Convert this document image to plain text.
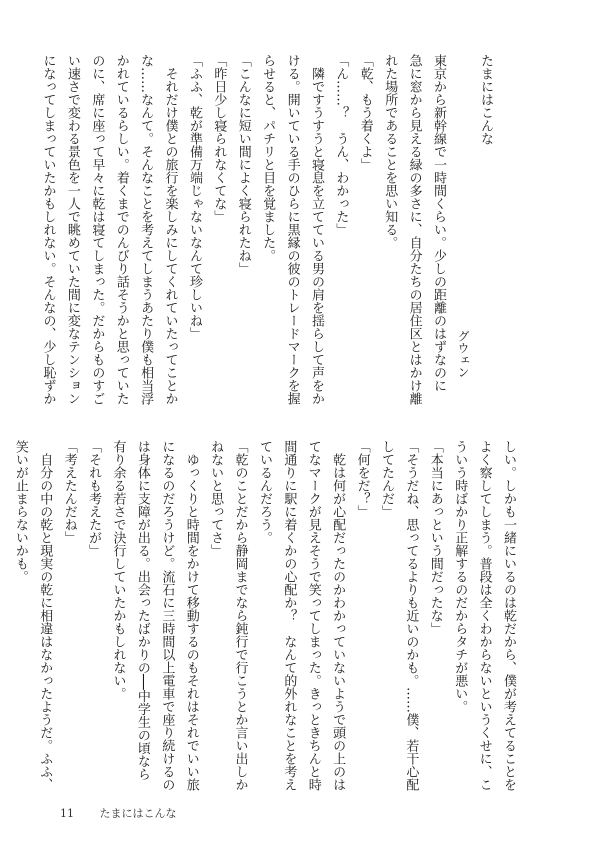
たまにはこんな
グウェン
東京から新幹線で一時間くらい。少しの距離のはずなのに
急に窓から見える緑の多さに、自分たちの居住区とはかけ離
れた場所であることを思い知る。
「乾、もう着くよ」
「ん……？　うん、わかった」
　隣ですうすうと寝息を立てている男の肩を揺らして声をか
ける。開いている手のひらに黒縁の彼のトレードマークを握
らせると、パチリと目を覚ました。
「こんなに短い間によく寝られたね」
「昨日少し寝られなくてな」
「ふふ、乾が準備万端じゃないなんて珍しいね」
　それだけ僕との旅行を楽しみにしてくれていたってことか
な……なんて。そんなことを考えてしまうあたり僕も相当浮
かれているらしい。着くまでのんびり話そうかと思っていた
のに、席に座って早々に乾は寝てしまった。だからものすご
い速さで変わる景色を一人で眺めていた間に変なテンション
になってしまっていたかもしれない。そんなの、少し恥ずか
しい。しかも一緒にいるのは乾だから、僕が考えてることを
よく察してしまう。普段は全くわからないというくせに、こ
ういう時ばかり正解するのだからタチが悪い。
「本当にあっという間だったな」
「そうだね、思ってるよりも近いのかも。……僕、若干心配
してたんだ」
「何をだ？」
　乾は何が心配だったのかわかっていないようで頭の上のは
てなマークが見えそうで笑ってしまった。きっときちんと時
間通りに駅に着くかの心配か？　なんて的外れなことを考え
ているんだろう。
「乾のことだから静岡までなら鈍行で行こうとか言い出しか
ねないと思ってさ」
　ゆっくりと時間をかけて移動するのもそれはそれでいい旅
になるのだろうけど。流石に三時間以上電車で座り続けるの
は身体に支障が出る。出会ったばかりの──中学生の頃なら
有り余る若さで決行していたかもしれない。
「それも考えたが」
「考えたんだね」
　自分の中の乾と現実の乾に相違はなかったようだ。ふふ、
笑いが止まらないかも。
11 たまにはこんな
